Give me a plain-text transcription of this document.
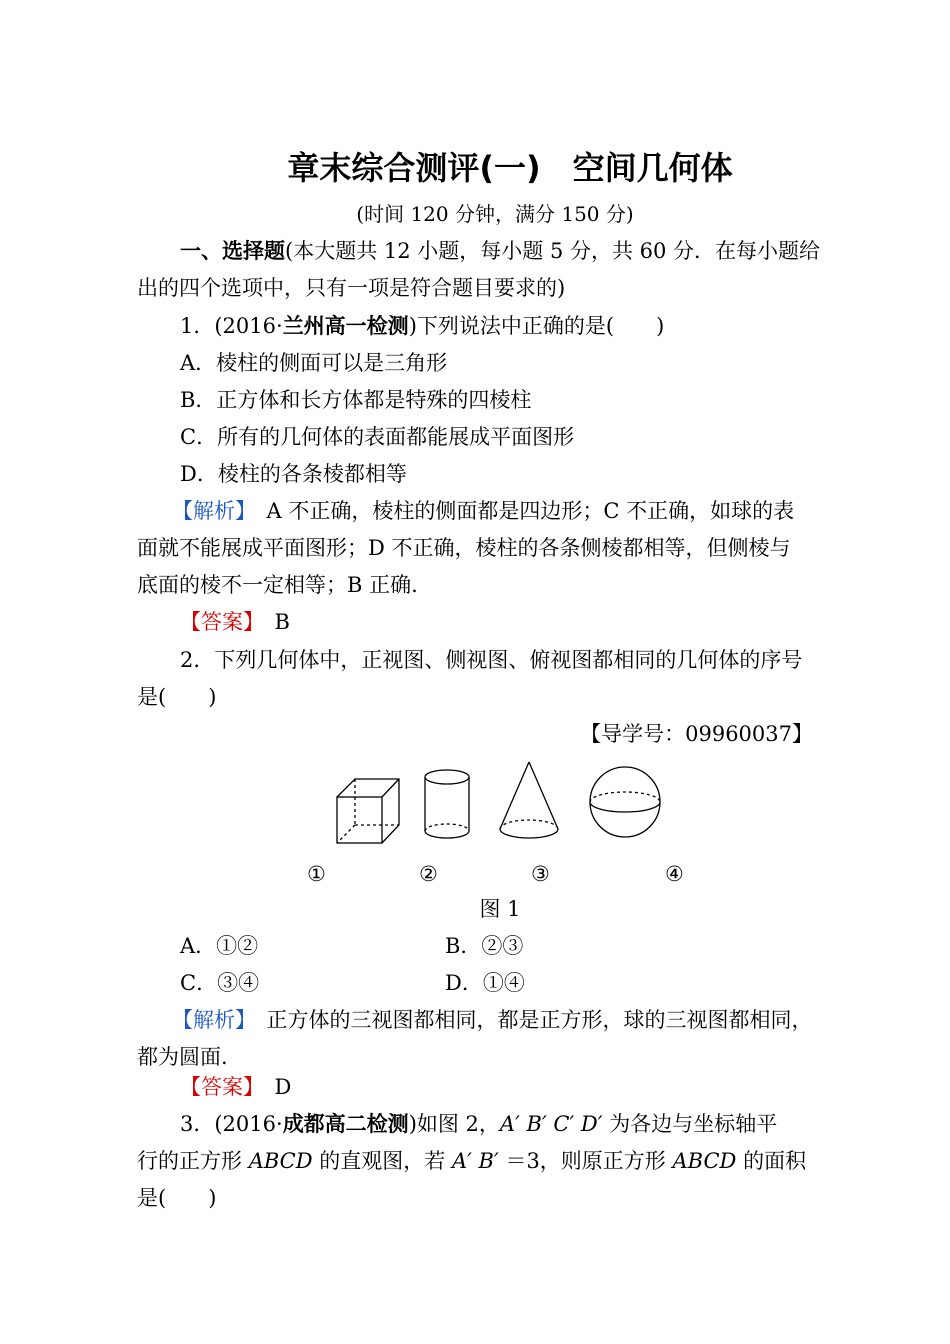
章末综合测评(一)　空间几何体
(时间 120 分钟，满分 150 分)
一、选择题(本大题共 12 小题，每小题 5 分，共 60 分．在每小题给
出的四个选项中，只有一项是符合题目要求的)
1．(2016·兰州高一检测)下列说法中正确的是(　　)
A．棱柱的侧面可以是三角形
B．正方体和长方体都是特殊的四棱柱
C．所有的几何体的表面都能展成平面图形
D．棱柱的各条棱都相等
【解析】　 A 不正确，棱柱的侧面都是四边形；C 不正确，如球的表
面就不能展成平面图形；D 不正确，棱柱的各条侧棱都相等，但侧棱与
底面的棱不一定相等；B 正确.
【答案】　 B
2．下列几何体中，正视图、侧视图、俯视图都相同的几何体的序号
是(　　)
【导学号：09960037】
①	②	③	④
图 1
A．①②	B．②③
C．③④	D．①④
【解析】　 正方体的三视图都相同，都是正方形，球的三视图都相同，
都为圆面.
【答案】　 D
3．(2016·成都高二检测)如图 2，A′ B′ C′ D′ 为各边与坐标轴平
行的正方形 ABCD 的直观图，若 A′ B′ ＝3，则原正方形 ABCD 的面积
是(　　)
